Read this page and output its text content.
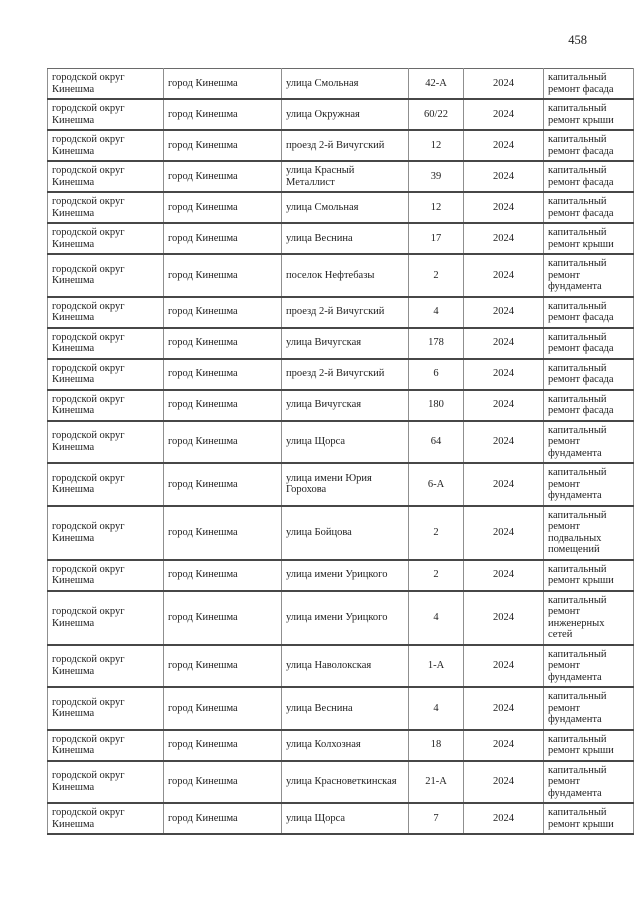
458
городской округ Кинешма	город Кинешма	улица Смольная	42-А	2024	капитальный ремонт фасада
городской округ Кинешма	город Кинешма	улица Окружная	60/22	2024	капитальный ремонт крыши
городской округ Кинешма	город Кинешма	проезд 2-й Вичугский	12	2024	капитальный ремонт фасада
городской округ Кинешма	город Кинешма	улица Красный Металлист	39	2024	капитальный ремонт фасада
городской округ Кинешма	город Кинешма	улица Смольная	12	2024	капитальный ремонт фасада
городской округ Кинешма	город Кинешма	улица Веснина	17	2024	капитальный ремонт крыши
городской округ Кинешма	город Кинешма	поселок Нефтебазы	2	2024	капитальный ремонт фундамента
городской округ Кинешма	город Кинешма	проезд 2-й Вичугский	4	2024	капитальный ремонт фасада
городской округ Кинешма	город Кинешма	улица Вичугская	178	2024	капитальный ремонт фасада
городской округ Кинешма	город Кинешма	проезд 2-й Вичугский	6	2024	капитальный ремонт фасада
городской округ Кинешма	город Кинешма	улица Вичугская	180	2024	капитальный ремонт фасада
городской округ Кинешма	город Кинешма	улица Щорса	64	2024	капитальный ремонт фундамента
городской округ Кинешма	город Кинешма	улица имени Юрия Горохова	6-А	2024	капитальный ремонт фундамента
городской округ Кинешма	город Кинешма	улица Бойцова	2	2024	капитальный ремонт подвальных помещений
городской округ Кинешма	город Кинешма	улица имени Урицкого	2	2024	капитальный ремонт крыши
городской округ Кинешма	город Кинешма	улица имени Урицкого	4	2024	капитальный ремонт инженерных сетей
городской округ Кинешма	город Кинешма	улица Наволокская	1-А	2024	капитальный ремонт фундамента
городской округ Кинешма	город Кинешма	улица Веснина	4	2024	капитальный ремонт фундамента
городской округ Кинешма	город Кинешма	улица Колхозная	18	2024	капитальный ремонт крыши
городской округ Кинешма	город Кинешма	улица Красноветкинская	21-А	2024	капитальный ремонт фундамента
городской округ Кинешма	город Кинешма	улица Щорса	7	2024	капитальный ремонт крыши
